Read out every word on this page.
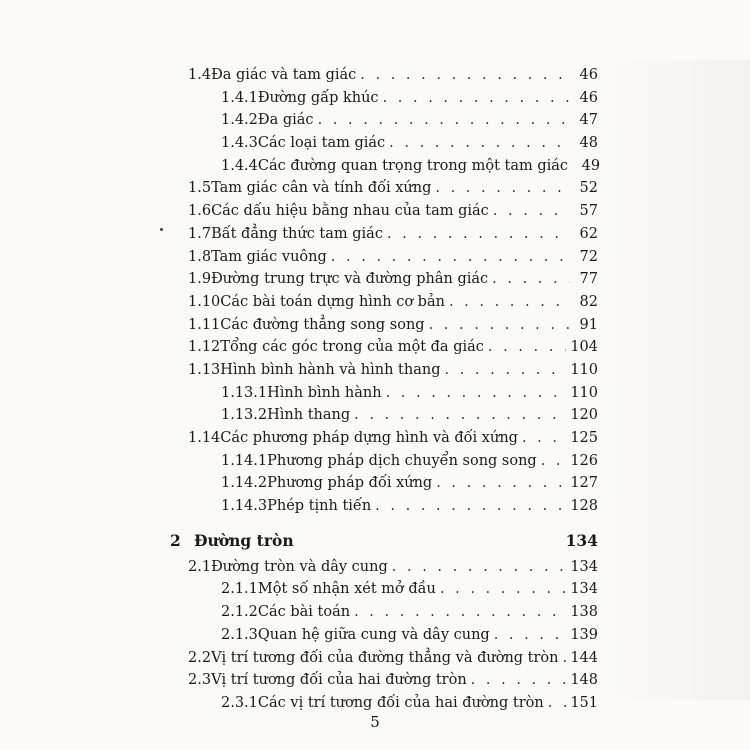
1.4 Đa giác và tam giác . . .	46
1.4.1 Đường gấp khúc . . .	46
1.4.2 Đa giác . . .	47
1.4.3 Các loại tam giác . . .	48
1.4.4 Các đường quan trọng trong một tam giác 49
1.5 Tam giác cân và tính đối xứng . . .	52
1.6 Các dấu hiệu bằng nhau của tam giác . . .	57
1.7 Bất đẳng thức tam giác . . .	62
1.8 Tam giác vuông . . .	72
1.9 Đường trung trực và đường phân giác . . .	77
1.10 Các bài toán dựng hình cơ bản . . .	82
1.11 Các đường thẳng song song . . .	91
1.12 Tổng các góc trong của một đa giác . . .	104
1.13 Hình bình hành và hình thang . . .	110
1.13.1 Hình bình hành . . .	110
1.13.2 Hình thang . . .	120
1.14 Các phương pháp dựng hình và đối xứng . . .	125
1.14.1 Phương pháp dịch chuyển song song . . . 126
1.14.2 Phương pháp đối xứng . . .	127
1.14.3 Phép tịnh tiến . . .	128
2 Đường tròn	134
2.1 Đường tròn và dây cung . . .	134
2.1.1 Một số nhận xét mở đầu . . .	134
2.1.2 Các bài toán . . .	138
2.1.3 Quan hệ giữa cung và dây cung . . .	139
2.2 Vị trí tương đối của đường thẳng và đường tròn . . . 144
2.3 Vị trí tương đối của hai đường tròn . . .	148
2.3.1 Các vị trí tương đối của hai đường tròn . . . 151
5
